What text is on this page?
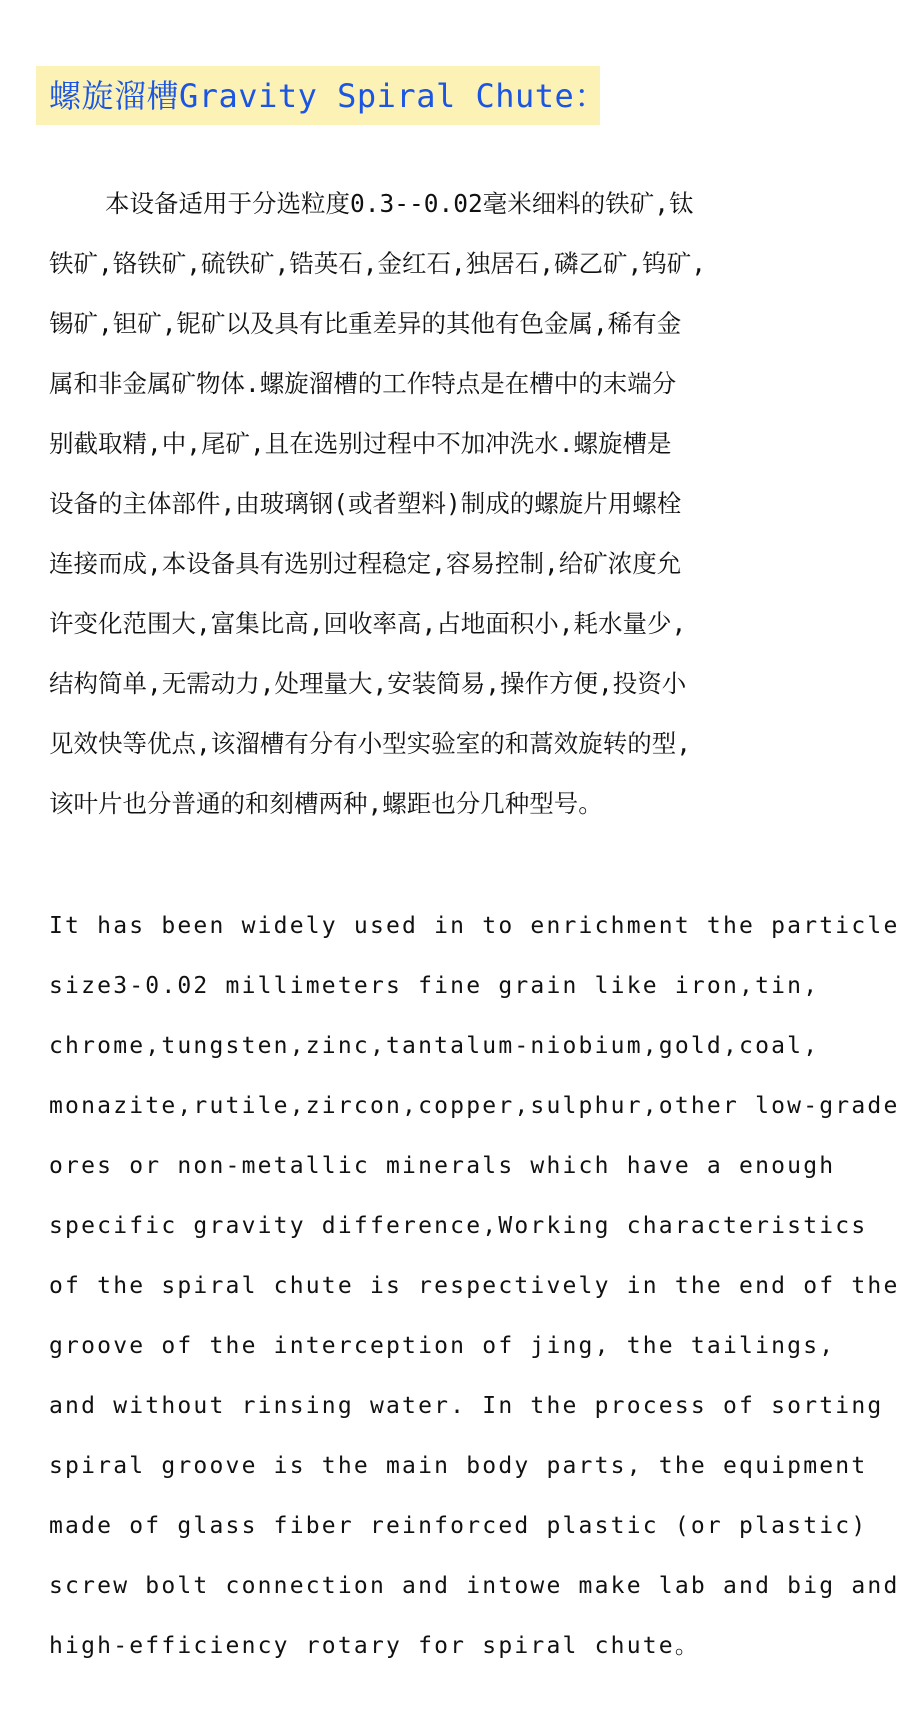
螺旋溜槽Gravity Spiral Chute：
本设备适用于分选粒度0.3--0.02毫米细料的铁矿,钛
铁矿,铬铁矿,硫铁矿,锆英石,金红石,独居石,磷乙矿,钨矿,
锡矿,钽矿,铌矿以及具有比重差异的其他有色金属,稀有金
属和非金属矿物体.螺旋溜槽的工作特点是在槽中的末端分
别截取精,中,尾矿,且在选别过程中不加冲洗水.螺旋槽是
设备的主体部件,由玻璃钢(或者塑料)制成的螺旋片用螺栓
连接而成,本设备具有选别过程稳定,容易控制,给矿浓度允
许变化范围大,富集比高,回收率高,占地面积小,耗水量少,
结构简单,无需动力,处理量大,安装简易,操作方便,投资小
见效快等优点,该溜槽有分有小型实验室的和蒿效旋转的型,
该叶片也分普通的和刻槽两种,螺距也分几种型号。
It has been widely used in to enrichment the particle
size3-0.02 millimeters fine grain like iron,tin,
chrome,tungsten,zinc,tantalum-niobium,gold,coal,
monazite,rutile,zircon,copper,sulphur,other low-grade
ores or non-metallic minerals which have a enough
specific gravity difference,Working characteristics
of the spiral chute is respectively in the end of the
groove of the interception of jing, the tailings,
and without rinsing water. In the process of sorting
spiral groove is the main body parts, the equipment
made of glass fiber reinforced plastic (or plastic)
screw bolt connection and intowe make lab and big and
high-efficiency rotary for spiral chute。
